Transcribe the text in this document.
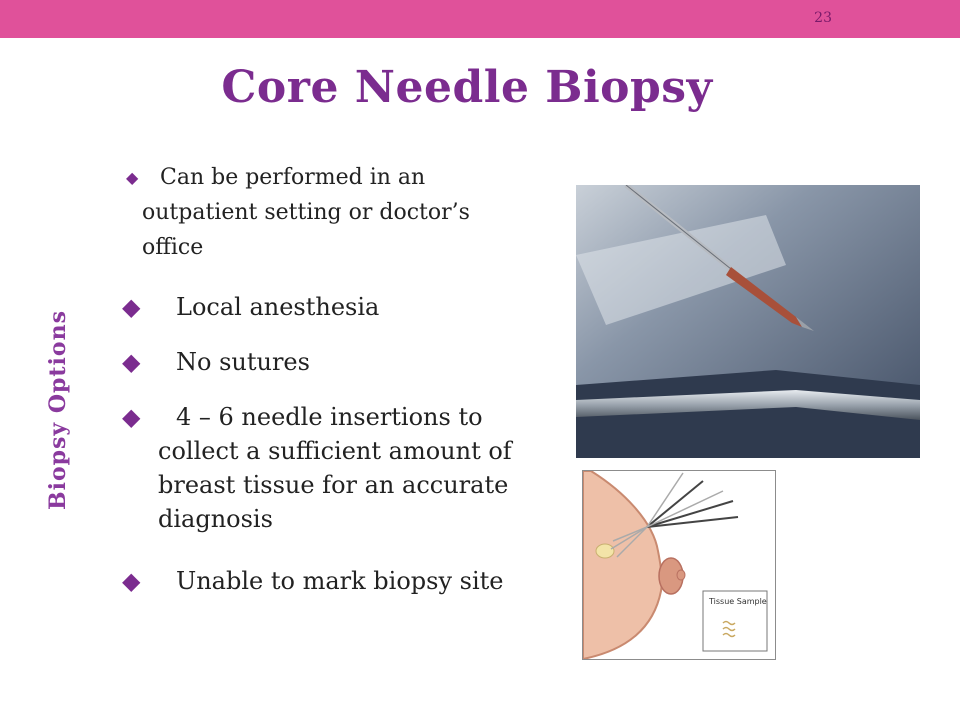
23
Core Needle Biopsy
Biopsy Options
◆ Can be performed in an outpatient setting or doctor’s office
◆	Local anesthesia
◆	No sutures
◆	4 – 6 needle insertions to collect a sufficient amount of breast tissue for an accurate diagnosis
◆	Unable to mark biopsy site
Tissue Sample
